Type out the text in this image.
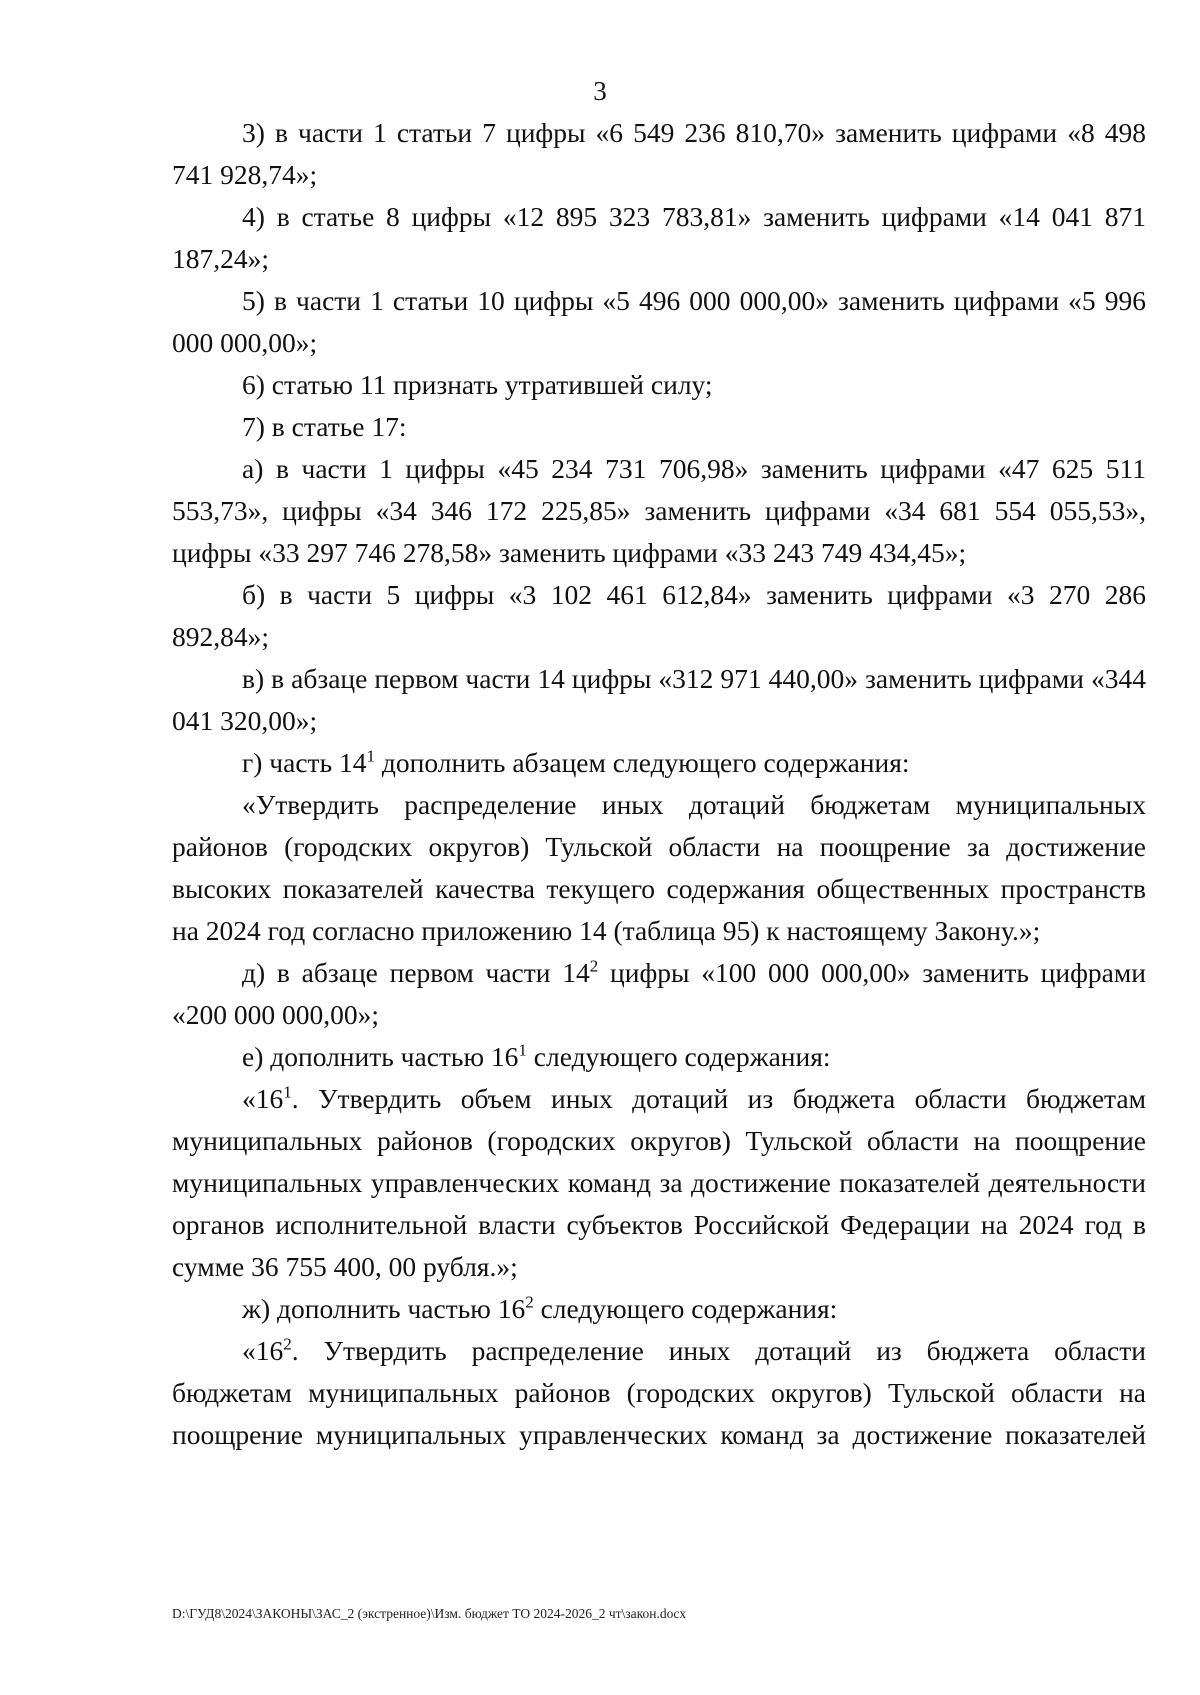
3

3) в части 1 статьи 7 цифры «6 549 236 810,70» заменить цифрами «8 498 741 928,74»;

4) в статье 8 цифры «12 895 323 783,81» заменить цифрами «14 041 871 187,24»;

5) в части 1 статьи 10 цифры «5 496 000 000,00» заменить цифрами «5 996 000 000,00»;

6) статью 11 признать утратившей силу;

7) в статье 17:

а) в части 1 цифры «45 234 731 706,98» заменить цифрами «47 625 511 553,73», цифры «34 346 172 225,85» заменить цифрами «34 681 554 055,53», цифры «33 297 746 278,58» заменить цифрами «33 243 749 434,45»;

б) в части 5 цифры «3 102 461 612,84» заменить цифрами «3 270 286 892,84»;

в) в абзаце первом части 14 цифры «312 971 440,00» заменить цифрами «344 041 320,00»;

г) часть $14^1$ дополнить абзацем следующего содержания:

«Утвердить распределение иных дотаций бюджетам муниципальных районов (городских округов) Тульской области на поощрение за достижение высоких показателей качества текущего содержания общественных пространств на 2024 год согласно приложению 14 (таблица 95) к настоящему Закону.»;

д) в абзаце первом части $14^2$ цифры «100 000 000,00» заменить цифрами «200 000 000,00»;

е) дополнить частью $16^1$ следующего содержания:

«$16^1$. Утвердить объем иных дотаций из бюджета области бюджетам муниципальных районов (городских округов) Тульской области на поощрение муниципальных управленческих команд за достижение показателей деятельности органов исполнительной власти субъектов Российской Федерации на 2024 год в сумме 36 755 400, 00 рубля.»;

ж) дополнить частью $16^2$ следующего содержания:

«$16^2$. Утвердить распределение иных дотаций из бюджета области бюджетам муниципальных районов (городских округов) Тульской области на поощрение муниципальных управленческих команд за достижение показателей

D:\ГУД8\2024\ЗАКОНЫ\ЗАС_2 (экстренное)\Изм. бюджет ТО 2024-2026_2 чт\закон.docx
